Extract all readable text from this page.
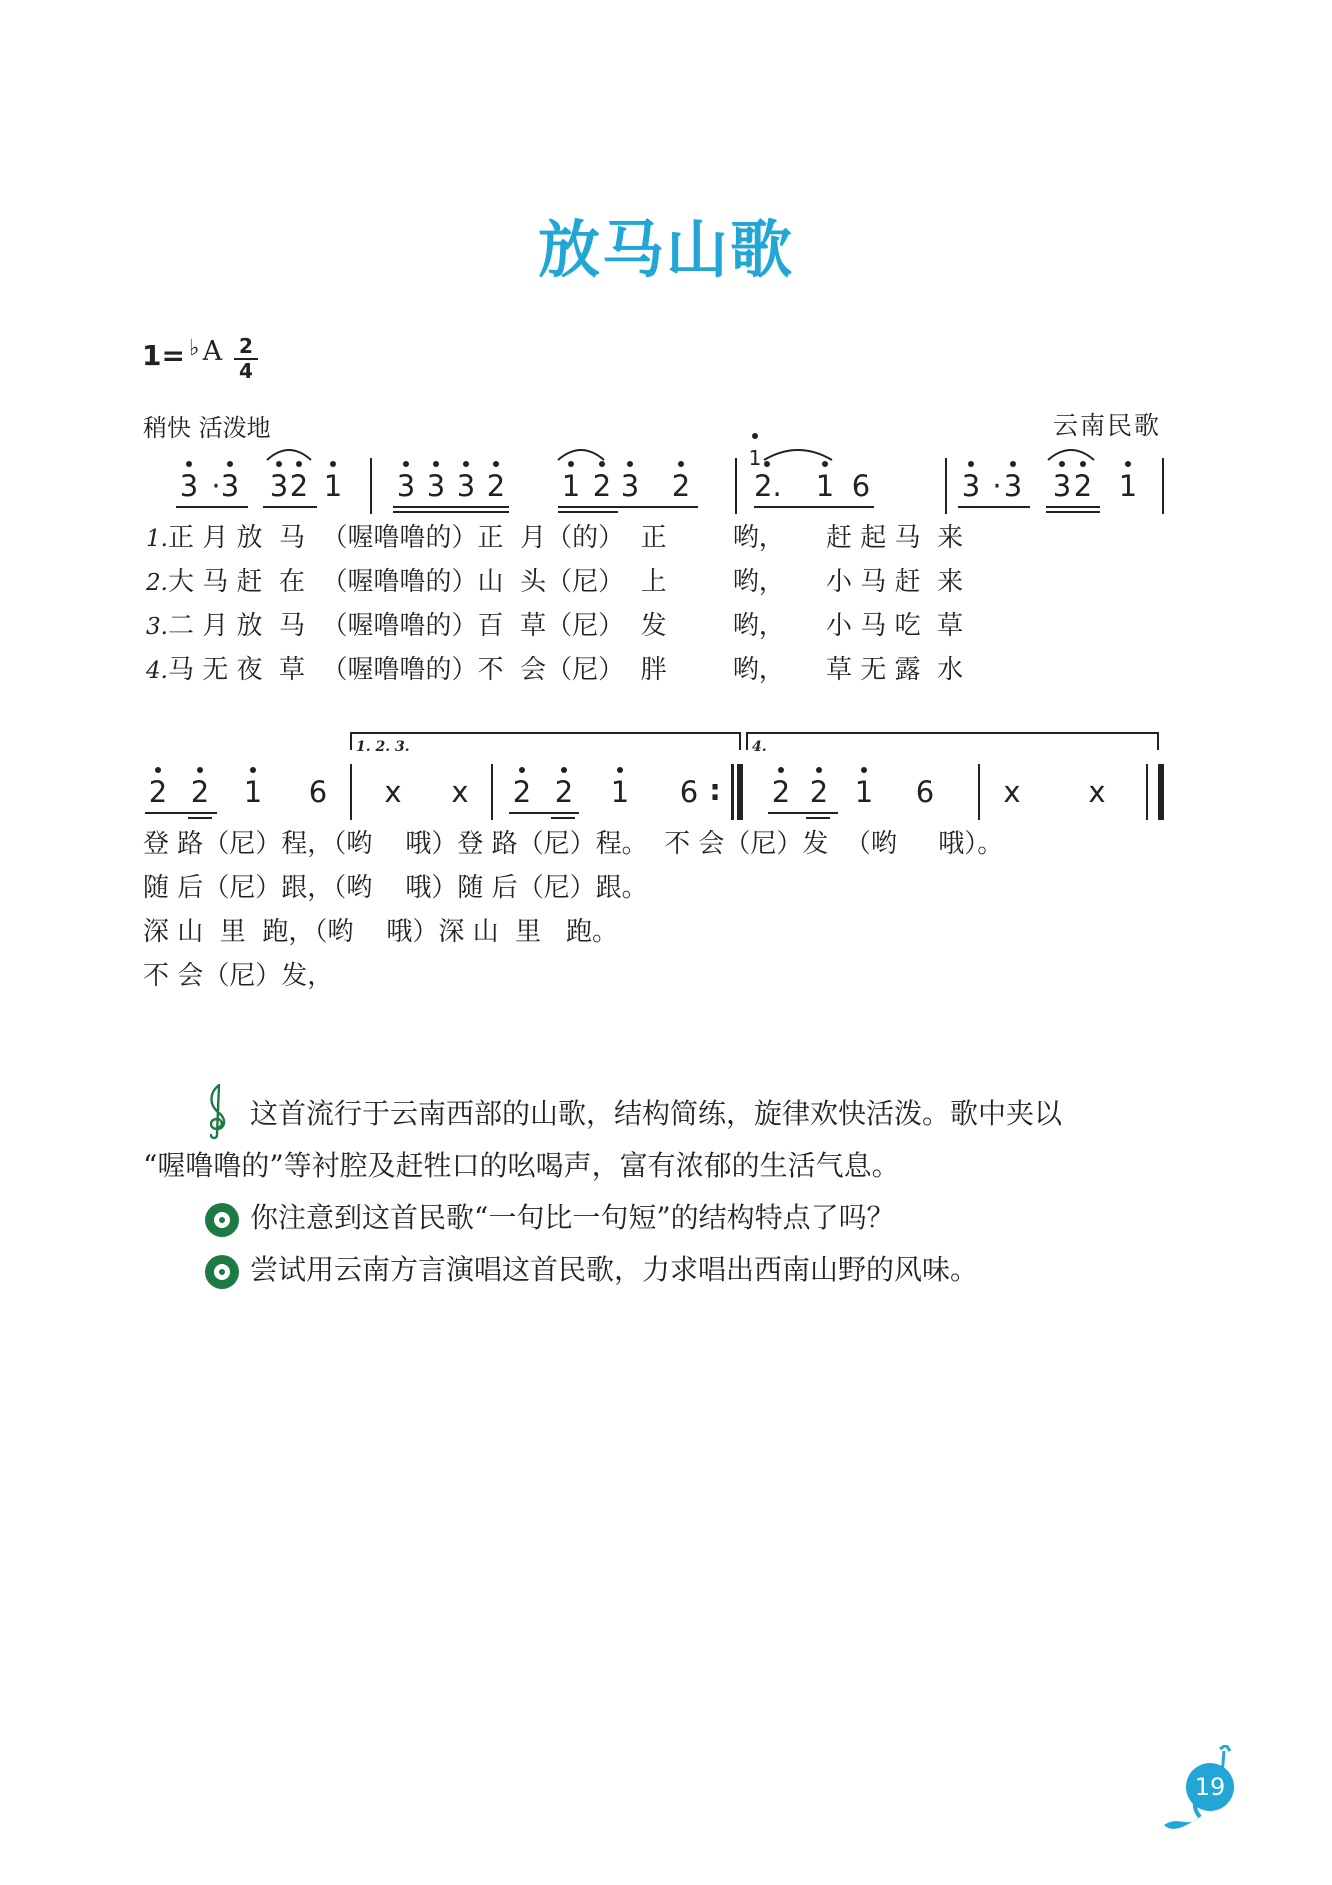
放马山歌
1= ♭ A $\frac{2}{4}$
稍快 活泼地	云南民歌
3 · 3 3 2 1 3 3 3 2 1 2 3 2 2. 1 6	3 · 3 3 2 1
1
2 2 1 6 x x 2 2 1 6	2 2 1 6 x x
:
1. 2. 3.	4.
1.正 月 放  马  （喔噜噜的）正  月（的）  正        哟，     赶 起 马  来
2.大 马 赶  在  （喔噜噜的）山  头（尼）  上        哟，     小 马 赶  来
3.二 月 放  马  （喔噜噜的）百  草（尼）  发        哟，     小 马 吃  草
4.马 无 夜  草  （喔噜噜的）不  会（尼）  胖        哟，     草 无 露  水
登 路（尼）程，（哟    哦）登 路（尼）程。  不 会（尼）发  （哟     哦）。
随 后（尼）跟，（哟    哦）随 后（尼）跟。
深 山  里  跑，（哟    哦）深 山  里   跑。
不 会（尼）发，
这首流行于云南西部的山歌，结构简练，旋律欢快活泼。歌中夹以
“喔噜噜的”等衬腔及赶牲口的吆喝声，富有浓郁的生活气息。
你注意到这首民歌“一句比一句短”的结构特点了吗？
尝试用云南方言演唱这首民歌，力求唱出西南山野的风味。
19
